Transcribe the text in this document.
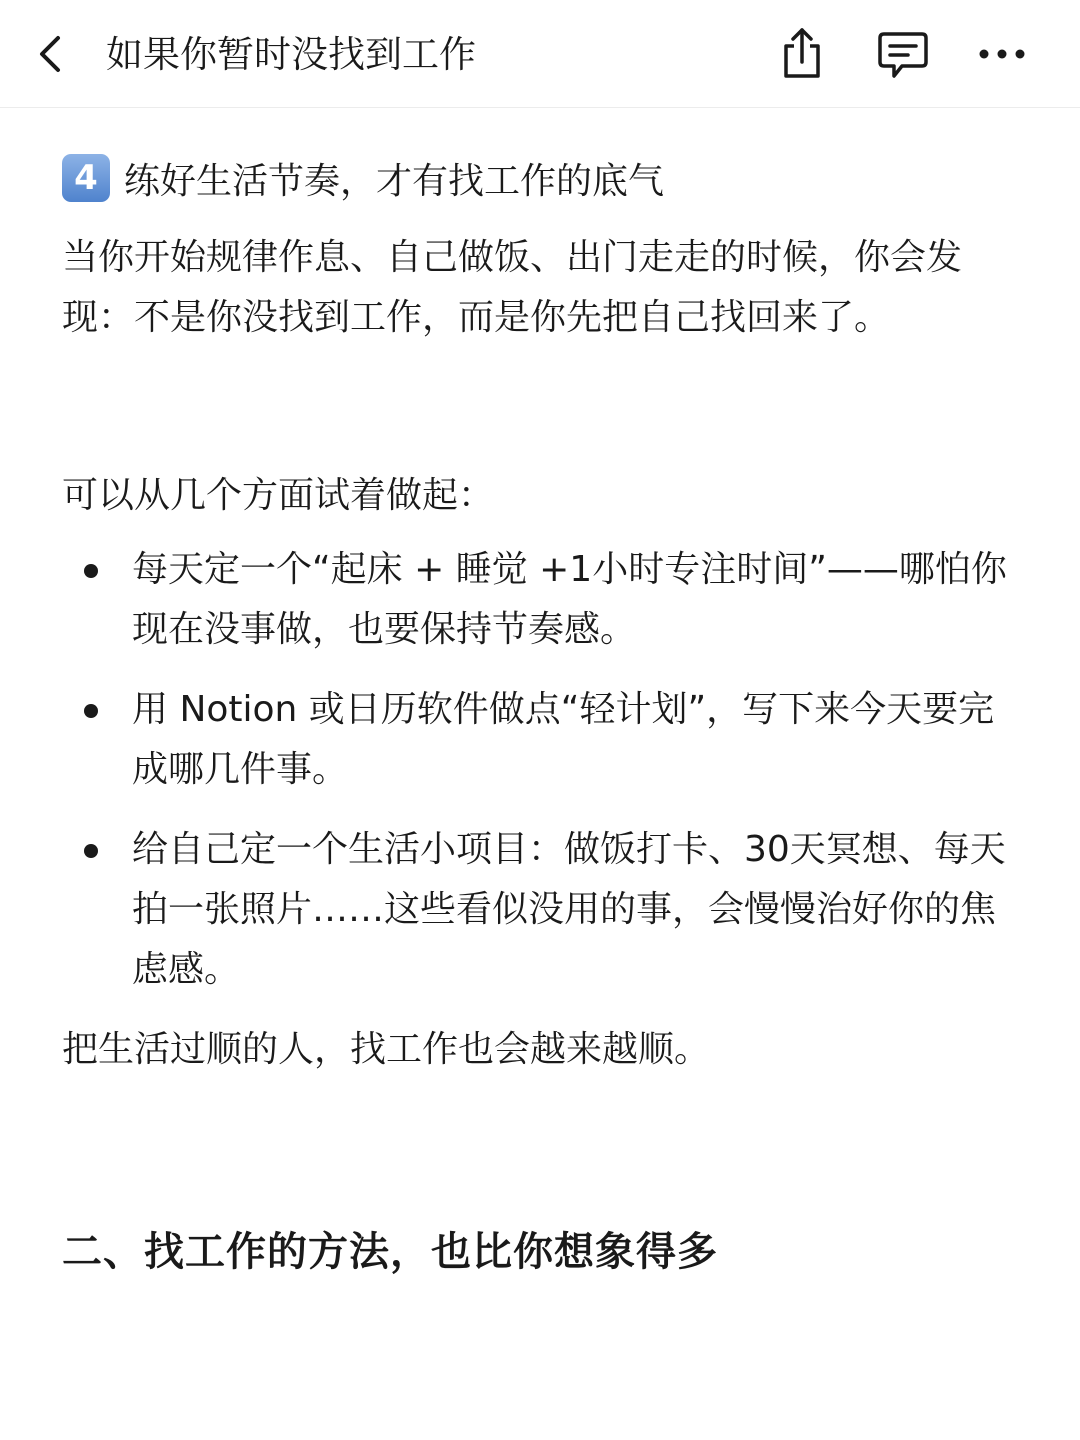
如果你暂时没找到工作
4 练好生活节奏，才有找工作的底气

当你开始规律作息、自己做饭、出门走走的时候，你会发现：不是你没找到工作，而是你先把自己找回来了。

可以从几个方面试着做起：

每天定一个“起床 + 睡觉 +1小时专注时间”——哪怕你现在没事做，也要保持节奏感。
用 Notion 或日历软件做点“轻计划”，写下来今天要完成哪几件事。
给自己定一个生活小项目：做饭打卡、30天冥想、每天拍一张照片……这些看似没用的事，会慢慢治好你的焦虑感。

把生活过顺的人，找工作也会越来越顺。

二、找工作的方法，也比你想象得多
